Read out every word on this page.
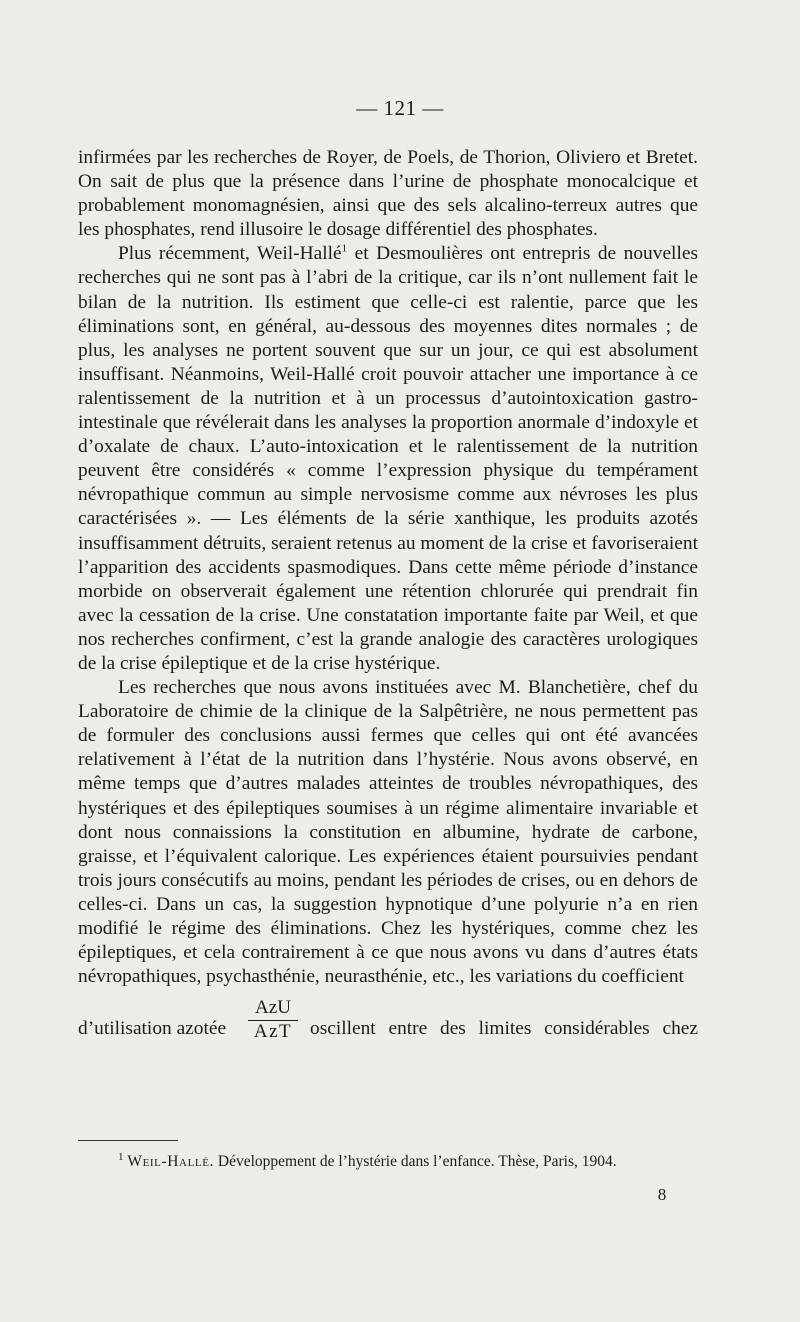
— 121 —

infirmées par les recherches de Royer, de Poels, de Thorion, Oliviero et Bretet. On sait de plus que la présence dans l’urine de phosphate monocalcique et probablement monomagnésien, ainsi que des sels alcalino-terreux autres que les phosphates, rend illusoire le dosage différentiel des phosphates.

Plus récemment, Weil-Hallé$^1$ et Desmoulières ont entrepris de nouvelles recherches qui ne sont pas à l’abri de la critique, car ils n’ont nullement fait le bilan de la nutrition. Ils estiment que celle-ci est ralentie, parce que les éliminations sont, en général, au-dessous des moyennes dites normales ; de plus, les analyses ne portent souvent que sur un jour, ce qui est absolument insuffisant. Néanmoins, Weil-Hallé croit pouvoir attacher une importance à ce ralentissement de la nutrition et à un processus d’autointoxication gastro-intestinale que révélerait dans les analyses la proportion anormale d’indoxyle et d’oxalate de chaux. L’auto-intoxication et le ralentissement de la nutrition peuvent être considérés « comme l’expression physique du tempérament névropathique commun au simple nervosisme comme aux névroses les plus caractérisées ». — Les éléments de la série xanthique, les produits azotés insuffisamment détruits, seraient retenus au moment de la crise et favoriseraient l’apparition des accidents spasmodiques. Dans cette même période d’instance morbide on observerait également une rétention chlorurée qui prendrait fin avec la cessation de la crise. Une constatation importante faite par Weil, et que nos recherches confirment, c’est la grande analogie des caractères urologiques de la crise épileptique et de la crise hystérique.

Les recherches que nous avons instituées avec M. Blanchetière, chef du Laboratoire de chimie de la clinique de la Salpêtrière, ne nous permettent pas de formuler des conclusions aussi fermes que celles qui ont été avancées relativement à l’état de la nutrition dans l’hystérie. Nous avons observé, en même temps que d’autres malades atteintes de troubles névropathiques, des hystériques et des épileptiques soumises à un régime alimentaire invariable et dont nous connaissions la constitution en albumine, hydrate de carbone, graisse, et l’équivalent calorique. Les expériences étaient poursuivies pendant trois jours consécutifs au moins, pendant les périodes de crises, ou en dehors de celles-ci. Dans un cas, la suggestion hypnotique d’une polyurie n’a en rien modifié le régime des éliminations. Chez les hystériques, comme chez les épileptiques, et cela contrairement à ce que nous avons vu dans d’autres états névropathiques, psychasthénie, neurasthénie, etc., les variations du coefficient

d’utilisation azotée
AzU
AzT oscillent entre des limites considérables chez
$^1$ Weil-Hallé. Développement de l’hystérie dans l’enfance. Thèse, Paris, 1904.
8
